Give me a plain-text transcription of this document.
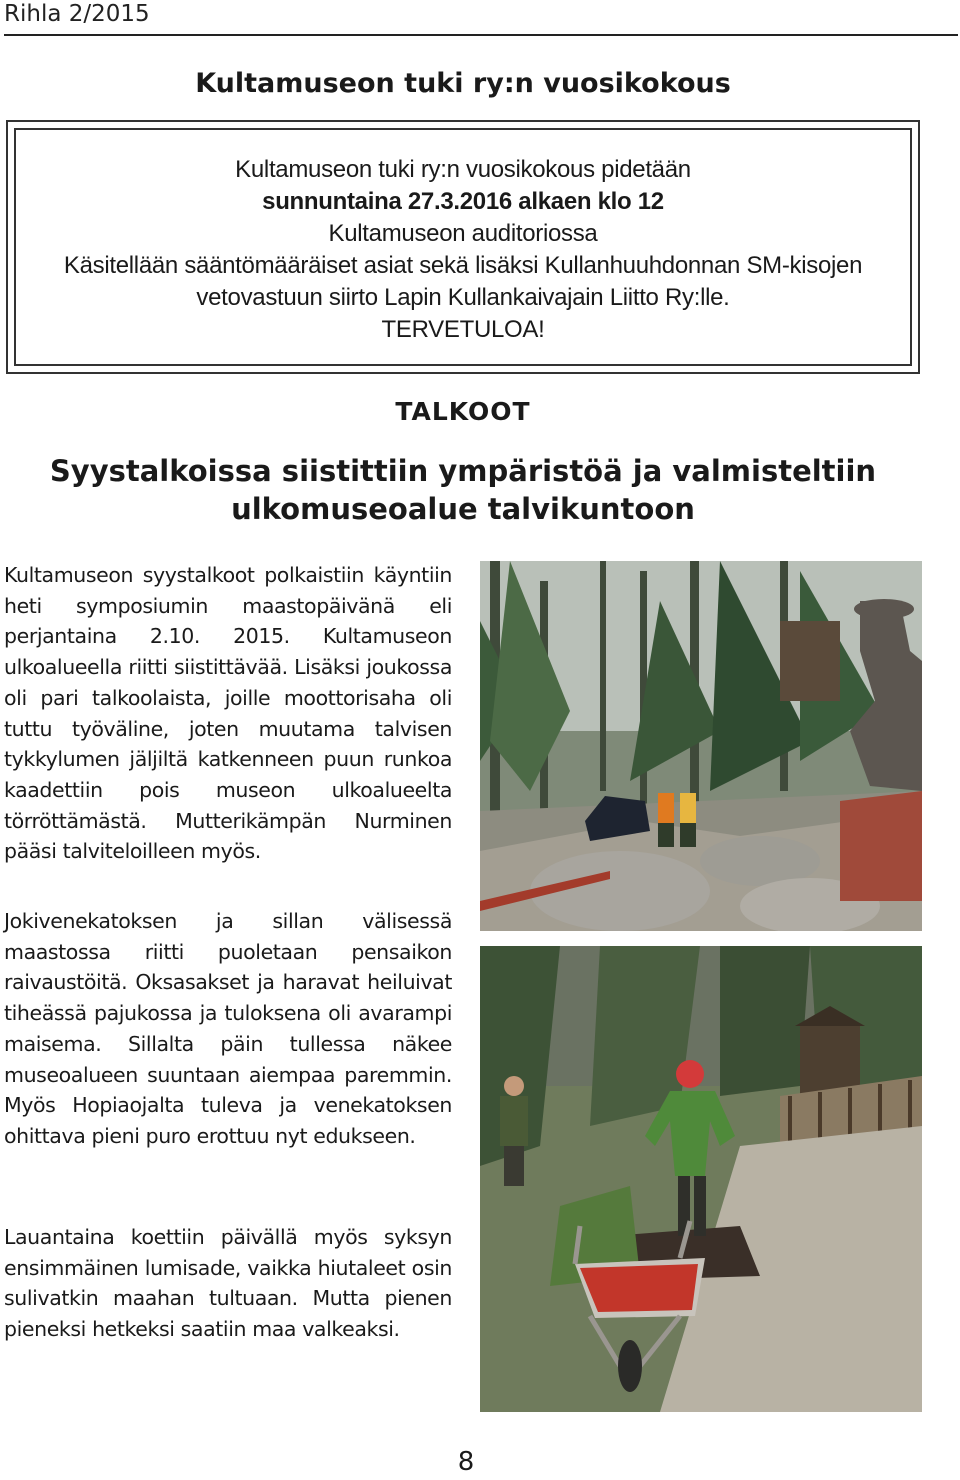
Rihla 2/2015
Kultamuseon tuki ry:n vuosikokous
Kultamuseon tuki ry:n vuosikokous pidetään
sunnuntaina 27.3.2016 alkaen klo 12
Kultamuseon auditoriossa
Käsitellään sääntömääräiset asiat sekä lisäksi Kullanhuuhdonnan SM-kisojen
vetovastuun siirto Lapin Kullankaivajain Liitto Ry:lle.
TERVETULOA!
TALKOOT
Syystalkoissa siistittiin ympäristöä ja valmisteltiin
ulkomuseoalue talvikuntoon

Kultamuseon syystalkoot polkaistiin käyntiin heti symposiumin maastopäivänä eli perjantaina 2.10. 2015. Kultamuseon ulkoalueella riitti siistittävää. Lisäksi joukossa oli pari talkoolaista, joille moottorisaha oli tuttu työväline, joten muutama talvisen tykkylumen jäljiltä katkenneen puun runkoa kaadettiin pois museon ulkoalueelta törröttämästä. Mutterikämpän Nurminen pääsi talviteloilleen myös.

Jokivenekatoksen ja sillan välisessä maastossa riitti puoletaan pensaikon raivaustöitä. Oksasakset ja haravat heiluivat tiheässä pajukossa ja tuloksena oli avarampi maisema. Sillalta päin tullessa näkee museoalueen suuntaan aiempaa paremmin. Myös Hopiaojalta tuleva ja venekatoksen ohittava pieni puro erottuu nyt edukseen.

Lauantaina koettiin päivällä myös syksyn ensimmäinen lumisade, vaikka hiutaleet osin sulivatkin maahan tultuaan. Mutta pienen pieneksi hetkeksi saatiin maa valkeaksi.

8
